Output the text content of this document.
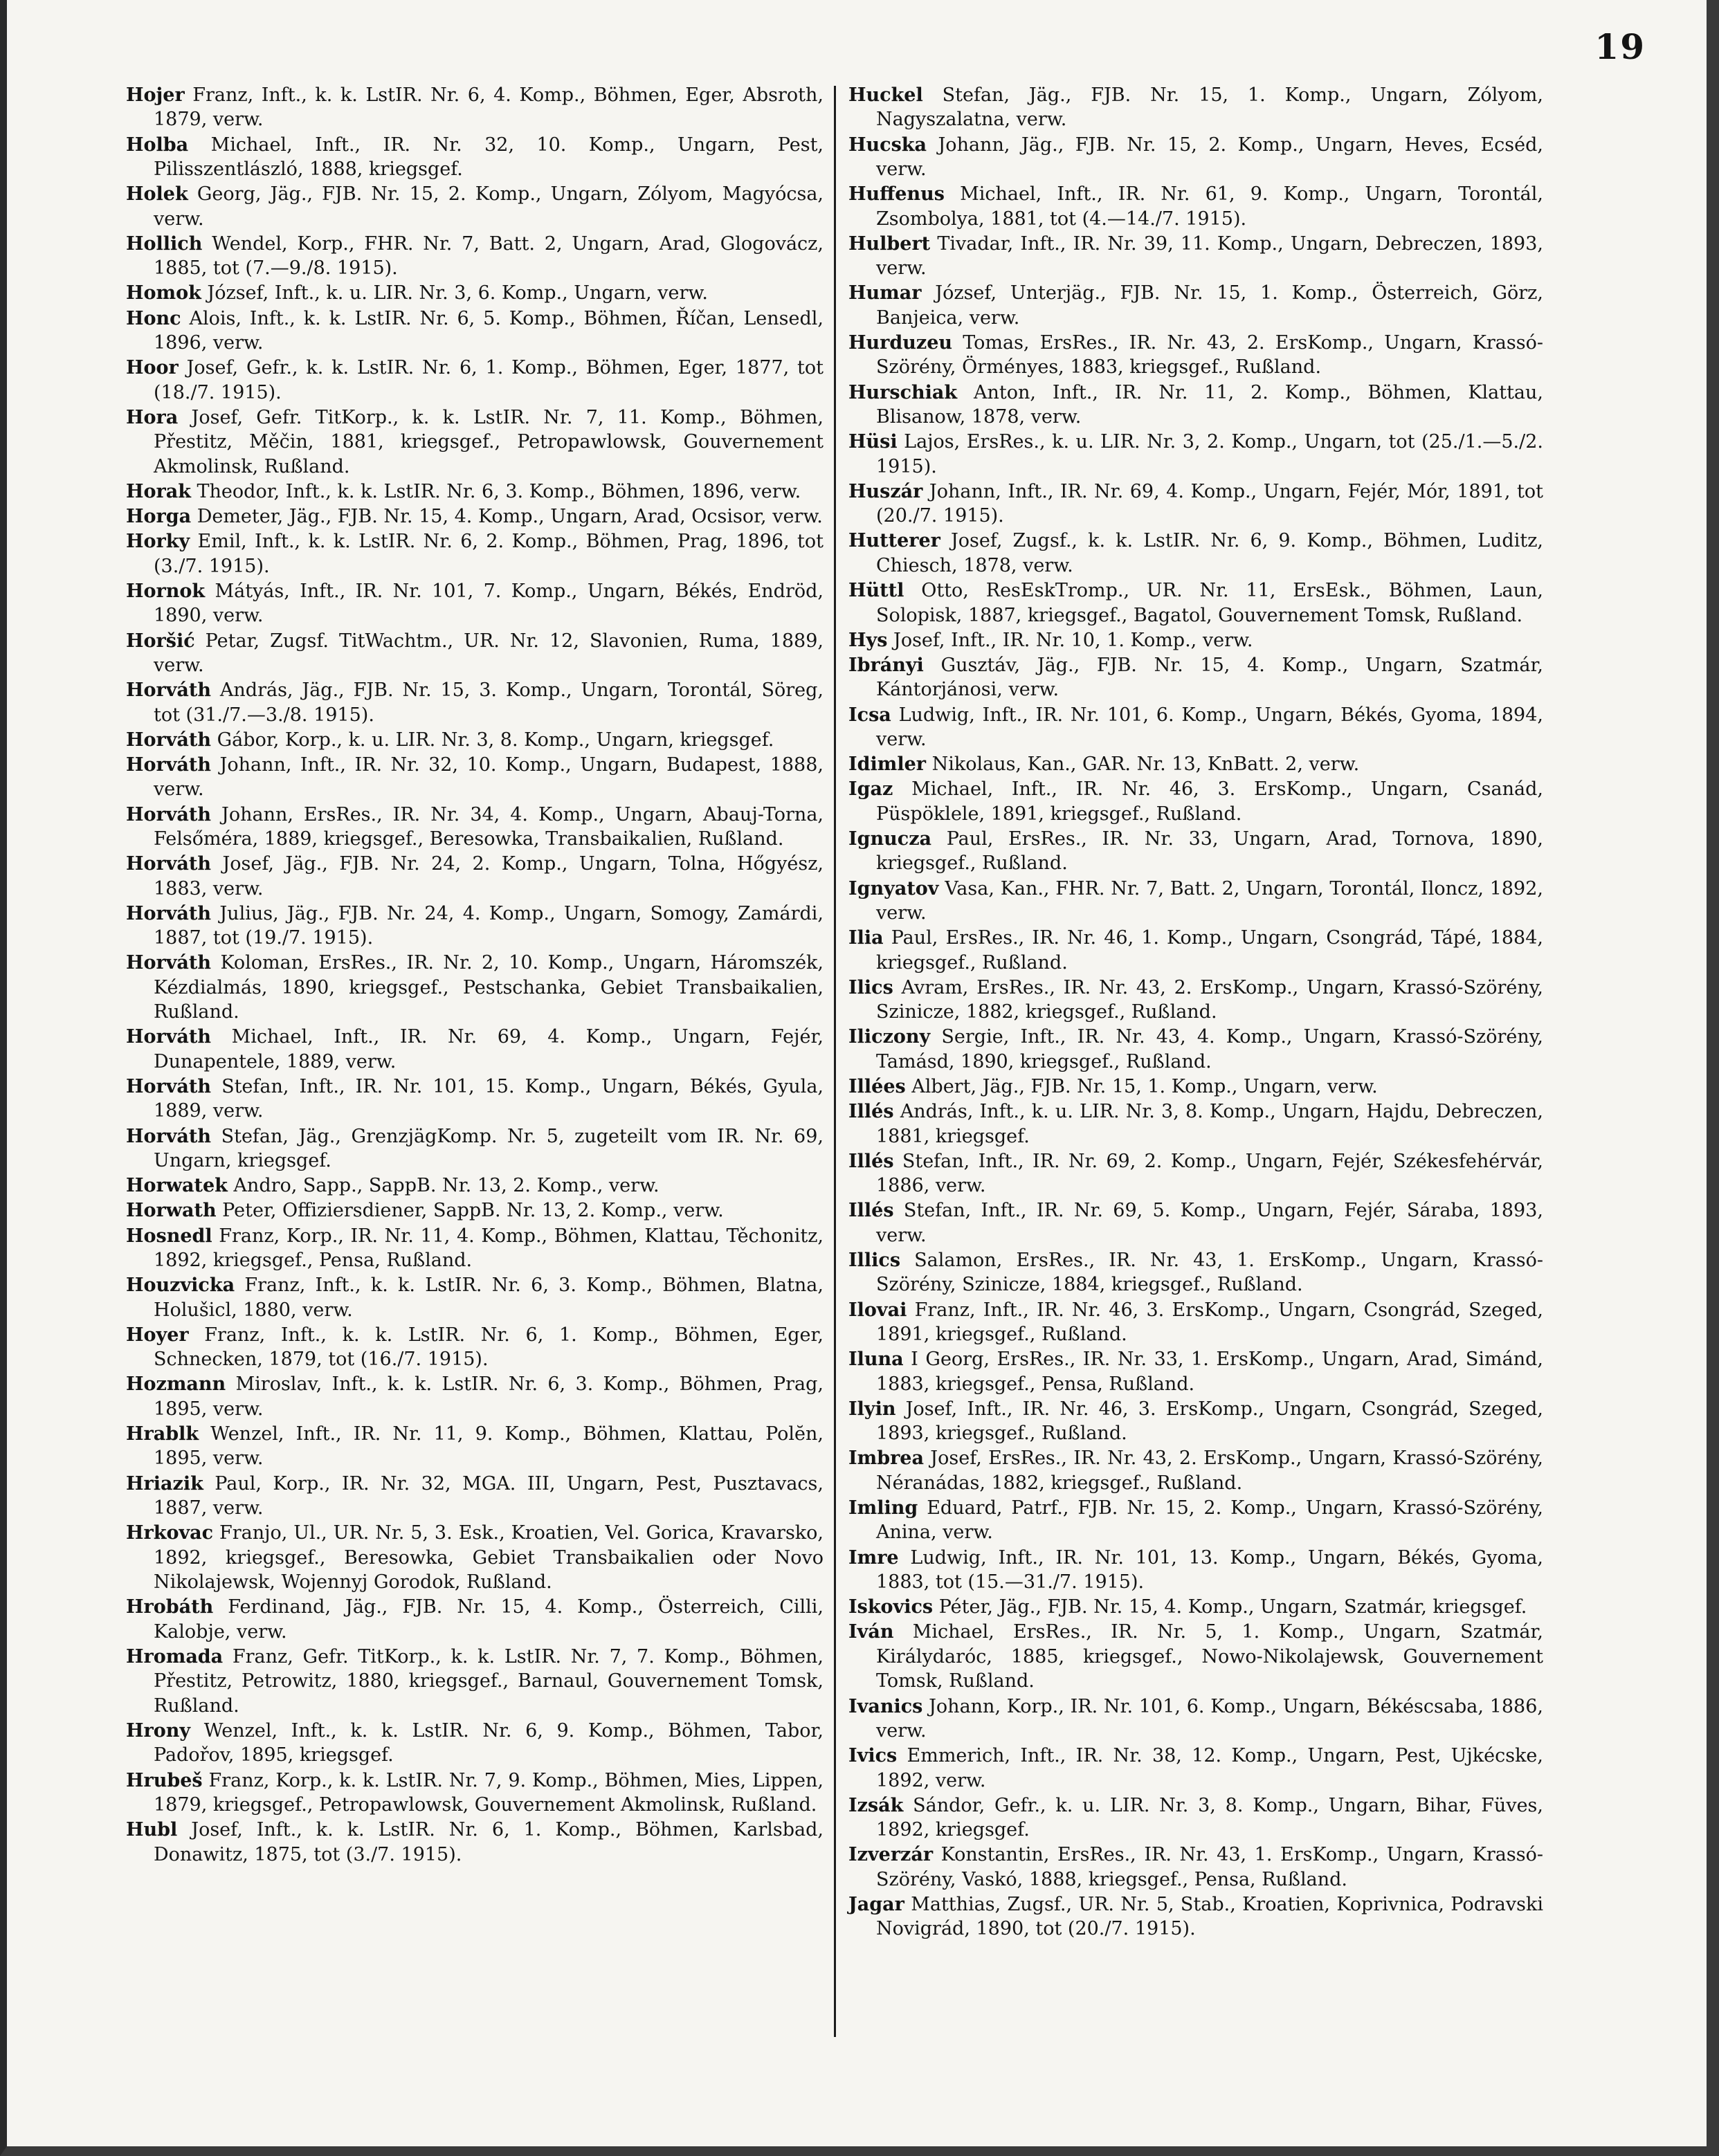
19

Hojer Franz, Inft., k. k. LstIR. Nr. 6, 4. Komp., Böhmen, Eger, Absroth, 1879, verw.

Holba Michael, Inft., IR. Nr. 32, 10. Komp., Ungarn, Pest, Pilisszentlászló, 1888, kriegsgef.

Holek Georg, Jäg., FJB. Nr. 15, 2. Komp., Ungarn, Zólyom, Magyócsa, verw.

Hollich Wendel, Korp., FHR. Nr. 7, Batt. 2, Ungarn, Arad, Glogovácz, 1885, tot (7.—9./8. 1915).

Homok József, Inft., k. u. LIR. Nr. 3, 6. Komp., Ungarn, verw.

Honc Alois, Inft., k. k. LstIR. Nr. 6, 5. Komp., Böhmen, Říčan, Lensedl, 1896, verw.

Hoor Josef, Gefr., k. k. LstIR. Nr. 6, 1. Komp., Böhmen, Eger, 1877, tot (18./7. 1915).

Hora Josef, Gefr. TitKorp., k. k. LstIR. Nr. 7, 11. Komp., Böhmen, Přestitz, Měčin, 1881, kriegsgef., Petropawlowsk, Gouvernement Akmolinsk, Rußland.

Horak Theodor, Inft., k. k. LstIR. Nr. 6, 3. Komp., Böhmen, 1896, verw.

Horga Demeter, Jäg., FJB. Nr. 15, 4. Komp., Ungarn, Arad, Ocsisor, verw.

Horky Emil, Inft., k. k. LstIR. Nr. 6, 2. Komp., Böhmen, Prag, 1896, tot (3./7. 1915).

Hornok Mátyás, Inft., IR. Nr. 101, 7. Komp., Ungarn, Békés, Endröd, 1890, verw.

Horšić Petar, Zugsf. TitWachtm., UR. Nr. 12, Slavonien, Ruma, 1889, verw.

Horváth András, Jäg., FJB. Nr. 15, 3. Komp., Ungarn, Torontál, Söreg, tot (31./7.—3./8. 1915).

Horváth Gábor, Korp., k. u. LIR. Nr. 3, 8. Komp., Ungarn, kriegsgef.

Horváth Johann, Inft., IR. Nr. 32, 10. Komp., Ungarn, Budapest, 1888, verw.

Horváth Johann, ErsRes., IR. Nr. 34, 4. Komp., Ungarn, Abauj-Torna, Felsőméra, 1889, kriegsgef., Beresowka, Transbaikalien, Rußland.

Horváth Josef, Jäg., FJB. Nr. 24, 2. Komp., Ungarn, Tolna, Hőgyész, 1883, verw.

Horváth Julius, Jäg., FJB. Nr. 24, 4. Komp., Ungarn, Somogy, Zamárdi, 1887, tot (19./7. 1915).

Horváth Koloman, ErsRes., IR. Nr. 2, 10. Komp., Ungarn, Háromszék, Kézdialmás, 1890, kriegsgef., Pestschanka, Gebiet Transbaikalien, Rußland.

Horváth Michael, Inft., IR. Nr. 69, 4. Komp., Ungarn, Fejér, Dunapentele, 1889, verw.

Horváth Stefan, Inft., IR. Nr. 101, 15. Komp., Ungarn, Békés, Gyula, 1889, verw.

Horváth Stefan, Jäg., GrenzjägKomp. Nr. 5, zugeteilt vom IR. Nr. 69, Ungarn, kriegsgef.

Horwatek Andro, Sapp., SappB. Nr. 13, 2. Komp., verw.

Horwath Peter, Offiziersdiener, SappB. Nr. 13, 2. Komp., verw.

Hosnedl Franz, Korp., IR. Nr. 11, 4. Komp., Böhmen, Klattau, Těchonitz, 1892, kriegsgef., Pensa, Rußland.

Houzvicka Franz, Inft., k. k. LstIR. Nr. 6, 3. Komp., Böhmen, Blatna, Holušicl, 1880, verw.

Hoyer Franz, Inft., k. k. LstIR. Nr. 6, 1. Komp., Böhmen, Eger, Schnecken, 1879, tot (16./7. 1915).

Hozmann Miroslav, Inft., k. k. LstIR. Nr. 6, 3. Komp., Böhmen, Prag, 1895, verw.

Hrablk Wenzel, Inft., IR. Nr. 11, 9. Komp., Böhmen, Klattau, Polĕn, 1895, verw.

Hriazik Paul, Korp., IR. Nr. 32, MGA. III, Ungarn, Pest, Pusztavacs, 1887, verw.

Hrkovac Franjo, Ul., UR. Nr. 5, 3. Esk., Kroatien, Vel. Gorica, Kravarsko, 1892, kriegsgef., Beresowka, Gebiet Transbaikalien oder Novo Nikolajewsk, Wojennyj Gorodok, Rußland.

Hrobáth Ferdinand, Jäg., FJB. Nr. 15, 4. Komp., Österreich, Cilli, Kalobje, verw.

Hromada Franz, Gefr. TitKorp., k. k. LstIR. Nr. 7, 7. Komp., Böhmen, Přestitz, Petrowitz, 1880, kriegsgef., Barnaul, Gouvernement Tomsk, Rußland.

Hrony Wenzel, Inft., k. k. LstIR. Nr. 6, 9. Komp., Böhmen, Tabor, Padořov, 1895, kriegsgef.

Hrubeš Franz, Korp., k. k. LstIR. Nr. 7, 9. Komp., Böhmen, Mies, Lippen, 1879, kriegsgef., Petropawlowsk, Gouvernement Akmolinsk, Rußland.

Hubl Josef, Inft., k. k. LstIR. Nr. 6, 1. Komp., Böhmen, Karlsbad, Donawitz, 1875, tot (3./7. 1915).

Huckel Stefan, Jäg., FJB. Nr. 15, 1. Komp., Ungarn, Zólyom, Nagyszalatna, verw.

Hucska Johann, Jäg., FJB. Nr. 15, 2. Komp., Ungarn, Heves, Ecséd, verw.

Huffenus Michael, Inft., IR. Nr. 61, 9. Komp., Ungarn, Torontál, Zsombolya, 1881, tot (4.—14./7. 1915).

Hulbert Tivadar, Inft., IR. Nr. 39, 11. Komp., Ungarn, Debreczen, 1893, verw.

Humar József, Unterjäg., FJB. Nr. 15, 1. Komp., Österreich, Görz, Banjeica, verw.

Hurduzeu Tomas, ErsRes., IR. Nr. 43, 2. ErsKomp., Ungarn, Krassó-Szörény, Örményes, 1883, kriegsgef., Rußland.

Hurschiak Anton, Inft., IR. Nr. 11, 2. Komp., Böhmen, Klattau, Blisanow, 1878, verw.

Hüsi Lajos, ErsRes., k. u. LIR. Nr. 3, 2. Komp., Ungarn, tot (25./1.—5./2. 1915).

Huszár Johann, Inft., IR. Nr. 69, 4. Komp., Ungarn, Fejér, Mór, 1891, tot (20./7. 1915).

Hutterer Josef, Zugsf., k. k. LstIR. Nr. 6, 9. Komp., Böhmen, Luditz, Chiesch, 1878, verw.

Hüttl Otto, ResEskTromp., UR. Nr. 11, ErsEsk., Böhmen, Laun, Solopisk, 1887, kriegsgef., Bagatol, Gouvernement Tomsk, Rußland.

Hys Josef, Inft., IR. Nr. 10, 1. Komp., verw.

Ibrányi Gusztáv, Jäg., FJB. Nr. 15, 4. Komp., Ungarn, Szatmár, Kántorjánosi, verw.

Icsa Ludwig, Inft., IR. Nr. 101, 6. Komp., Ungarn, Békés, Gyoma, 1894, verw.

Idimler Nikolaus, Kan., GAR. Nr. 13, KnBatt. 2, verw.

Igaz Michael, Inft., IR. Nr. 46, 3. ErsKomp., Ungarn, Csanád, Püspöklele, 1891, kriegsgef., Rußland.

Ignucza Paul, ErsRes., IR. Nr. 33, Ungarn, Arad, Tornova, 1890, kriegsgef., Rußland.

Ignyatov Vasa, Kan., FHR. Nr. 7, Batt. 2, Ungarn, Torontál, Iloncz, 1892, verw.

Ilia Paul, ErsRes., IR. Nr. 46, 1. Komp., Ungarn, Csongrád, Tápé, 1884, kriegsgef., Rußland.

Ilics Avram, ErsRes., IR. Nr. 43, 2. ErsKomp., Ungarn, Krassó-Szörény, Szinicze, 1882, kriegsgef., Rußland.

Iliczony Sergie, Inft., IR. Nr. 43, 4. Komp., Ungarn, Krassó-Szörény, Tamásd, 1890, kriegsgef., Rußland.

Illées Albert, Jäg., FJB. Nr. 15, 1. Komp., Ungarn, verw.

Illés András, Inft., k. u. LIR. Nr. 3, 8. Komp., Ungarn, Hajdu, Debreczen, 1881, kriegsgef.

Illés Stefan, Inft., IR. Nr. 69, 2. Komp., Ungarn, Fejér, Székesfehérvár, 1886, verw.

Illés Stefan, Inft., IR. Nr. 69, 5. Komp., Ungarn, Fejér, Sáraba, 1893, verw.

Illics Salamon, ErsRes., IR. Nr. 43, 1. ErsKomp., Ungarn, Krassó-Szörény, Szinicze, 1884, kriegsgef., Rußland.

Ilovai Franz, Inft., IR. Nr. 46, 3. ErsKomp., Ungarn, Csongrád, Szeged, 1891, kriegsgef., Rußland.

Iluna I Georg, ErsRes., IR. Nr. 33, 1. ErsKomp., Ungarn, Arad, Simánd, 1883, kriegsgef., Pensa, Rußland.

Ilyin Josef, Inft., IR. Nr. 46, 3. ErsKomp., Ungarn, Csongrád, Szeged, 1893, kriegsgef., Rußland.

Imbrea Josef, ErsRes., IR. Nr. 43, 2. ErsKomp., Ungarn, Krassó-Szörény, Néranádas, 1882, kriegsgef., Rußland.

Imling Eduard, Patrf., FJB. Nr. 15, 2. Komp., Ungarn, Krassó-Szörény, Anina, verw.

Imre Ludwig, Inft., IR. Nr. 101, 13. Komp., Ungarn, Békés, Gyoma, 1883, tot (15.—31./7. 1915).

Iskovics Péter, Jäg., FJB. Nr. 15, 4. Komp., Ungarn, Szatmár, kriegsgef.

Iván Michael, ErsRes., IR. Nr. 5, 1. Komp., Ungarn, Szatmár, Királydaróc, 1885, kriegsgef., Nowo-Nikolajewsk, Gouvernement Tomsk, Rußland.

Ivanics Johann, Korp., IR. Nr. 101, 6. Komp., Ungarn, Békéscsaba, 1886, verw.

Ivics Emmerich, Inft., IR. Nr. 38, 12. Komp., Ungarn, Pest, Ujkécske, 1892, verw.

Izsák Sándor, Gefr., k. u. LIR. Nr. 3, 8. Komp., Ungarn, Bihar, Füves, 1892, kriegsgef.

Izverzár Konstantin, ErsRes., IR. Nr. 43, 1. ErsKomp., Ungarn, Krassó-Szörény, Vaskó, 1888, kriegsgef., Pensa, Rußland.

Jagar Matthias, Zugsf., UR. Nr. 5, Stab., Kroatien, Koprivnica, Podravski Novigrád, 1890, tot (20./7. 1915).
